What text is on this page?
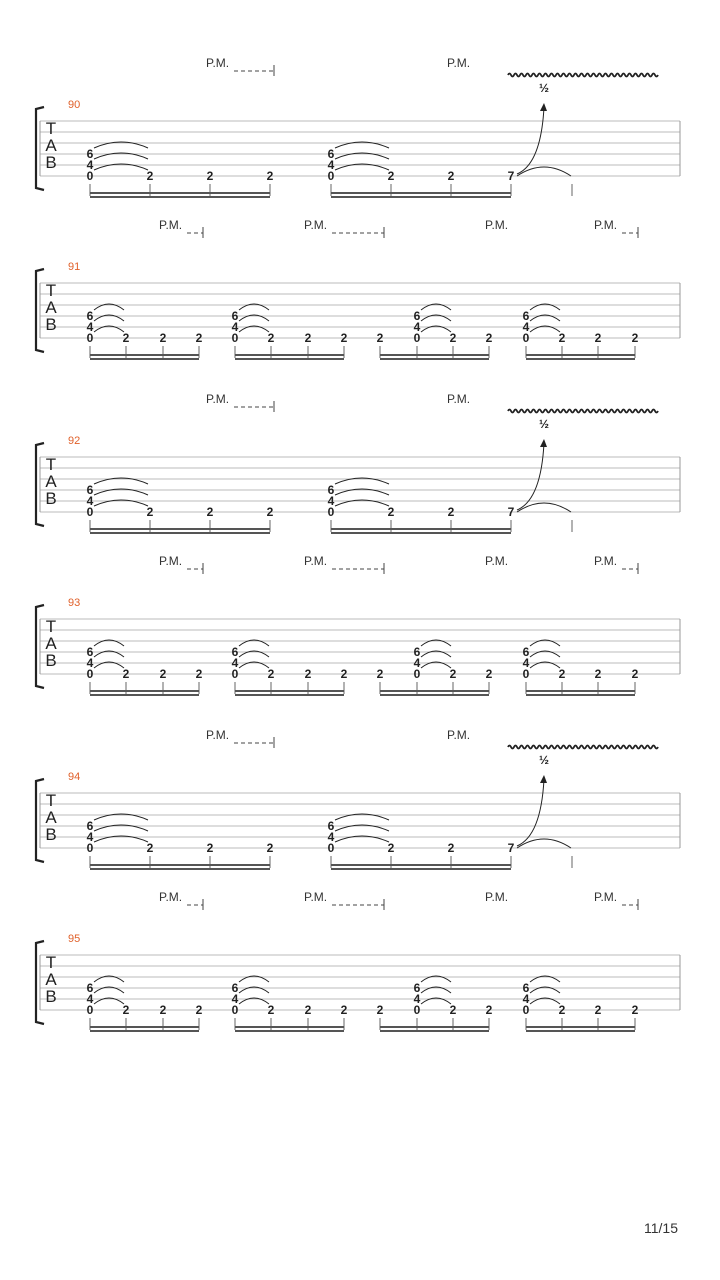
T
A
B
90
P.M.	P.M.
6
4
0	2	2	2
6
4
0	2	2	7
½
T
A
B
91
P.M.	P.M.	P.M.	P.M.
6
4
0 2	2 2
6
4
0 2	2 2 2
6
4
0 2 2
6
4
0 2 2	2
T
A
B
92
P.M.	P.M.
6
4
0	2	2	2
6
4
0	2	2	7
½
T
A
B
93
P.M.	P.M.	P.M.	P.M.
6
4
0 2	2 2
6
4
0 2	2 2 2
6
4
0 2 2
6
4
0 2 2	2
T
A
B
94
P.M.	P.M.
6
4
0	2	2	2
6
4
0	2	2	7
½
T
A
B
95
P.M.	P.M.	P.M.	P.M.
6
4
0 2	2 2
6
4
0 2	2 2 2
6
4
0 2 2
6
4
0 2 2	2
11/15
